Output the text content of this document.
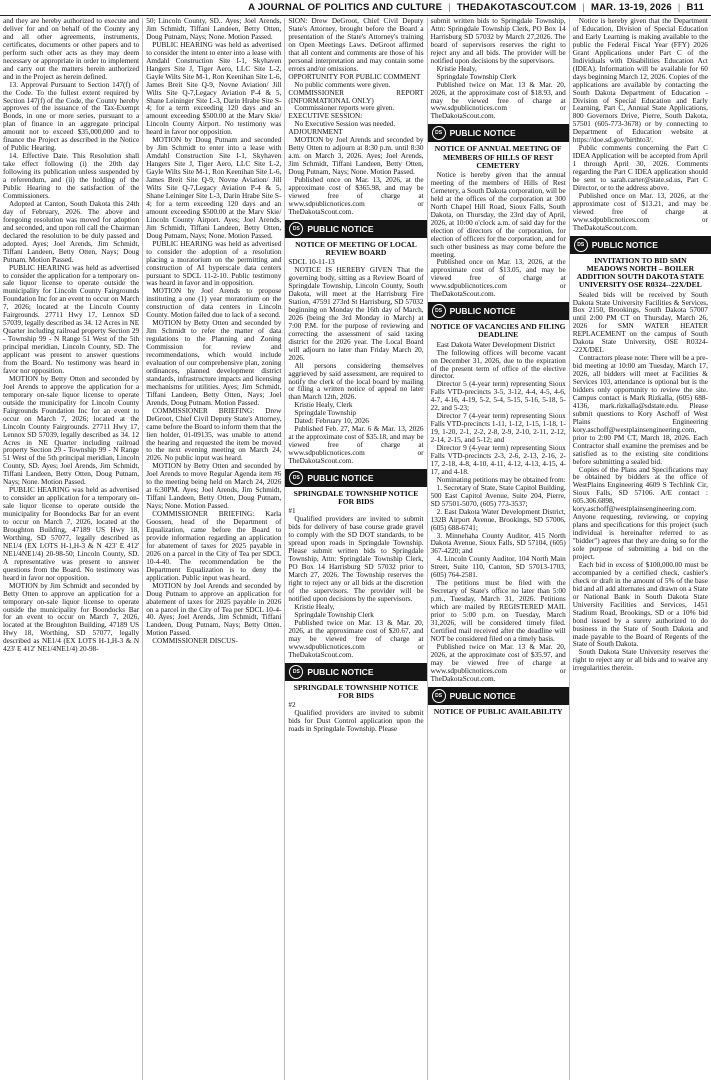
A JOURNAL OF POLITICS AND CULTURE | THEDAKOTASCOUT.COM | MAR. 13-19, 2026 | B11

and they are hereby authorized to execute and deliver for and on behalf of the County any and all other agreements, instruments, certificates, documents or other papers and to perform such other acts as they may deem necessary or appropriate in order to implement and carry out the matters herein authorized and in the Project as herein defined.

13. Approval Pursuant to Section 147(f) of the Code. To the fullest extent required by Section 147(f) of the Code, the County hereby approves of the issuance of the Tax-Exempt Bonds, in one or more series, pursuant to a plan of finance in an aggregate principal amount not to exceed $35,000,000 and to finance the Project as described in the Notice of Public Hearing.

14. Effective Date. This Resolution shall take effect following (i) the 20th day following its publication unless suspended by a referendum, and (ii) the holding of the Public Hearing to the satisfaction of the Commissioners.

Adopted at Canton, South Dakota this 24th day of February, 2026. The above and foregoing resolution was moved for adoption and seconded, and upon roll call the Chairman declared the resolution to be duly passed and adopted. Ayes; Joel Arends, Jim Schmidt, Tiffani Landeen, Betty Otten, Nays; Doug Putnam. Motion Passed.

PUBLIC HEARING was held as advertised to consider the application for a temporary on-sale liquor license to operate outside the municipality for Lincoln County Fairgrounds Foundation Inc for an event to occur on March 7, 2026; located at the Lincoln County Fairgrounds. 27711 Hwy 17, Lennox SD 57039, legally described as 34. 12 Acres in NE Quarter including railroad property Section 29 - Township 99 - N Range 51 West of the 5th principal meridian, Lincoln County, SD. The applicant was present to answer questions from the Board. No testimony was heard in favor nor opposition.

MOTION by Betty Otten and seconded by Joel Arends to approve the application for a temporary on-sale liquor license to operate outside the municipality for Lincoln County Fairgrounds Foundation Inc for an event to occur on March 7, 2026; located at the Lincoln County Fairgrounds. 27711 Hwy 17, Lennox SD 57039, legally described as 34. 12 Acres in NE Quarter including railroad property Section 29 - Township 99 - N Range 51 West of the 5th principal meridian, Lincoln County, SD. Ayes; Joel Arends, Jim Schmidt, Tiffani Landeen, Betty Otten, Doug Putnam, Nays; None. Motion Passed.

PUBLIC HEARING was held as advertised to consider an application for a temporary on-sale liquor license to operate outside the municipality for Boondocks Bar for an event to occur on March 7, 2026, located at the Broughton Building, 47189 US Hwy 18, Worthing, SD 57077, legally described as NE1/4 (EX LOTS H-1,H-3 & N 423' E 412' NE1/4NE1/4) 20-98-50; Lincoln County, SD. A representative was present to answer questions from the Board. No testimony was heard in favor nor opposition.

MOTION by Jim Schmidt and seconded by Betty Otten to approve an application for a temporary on-sale liquor license to operate outside the municipality for Boondocks Bar for an event to occur on March 7, 2026, located at the Broughton Building, 47189 US Hwy 18, Worthing, SD 57077, legally described as NE1/4 (EX LOTS H-1,H-3 & N 423' E 412' NE1/4NE1/4) 20-98-

50; Lincoln County, SD.. Ayes; Joel Arends, Jim Schmidt, Tiffani Landeen, Betty Otten, Doug Putnam, Nays; None. Motion Passed.

PUBLIC HEARING was held as advertised to consider the intent to enter into a lease with Amdahl Construction Site I-1, Skyhaven Hangers Site J, Tiger Aero, LLC Site L-2, Gayle Wilts Site M-1, Ron Keenihan Site L-6, James Breit Site Q-9, Novne Aviation/ Jill Wilts Site Q-7,Legacy Aviation P-4 & 5, Shane Leininger Site L-3, Darin Hrabe Site S-4; for a term exceeding 120 days and an amount exceeding $500.00 at the Marv Skie/ Lincoln County Airport. No testimony was heard in favor nor opposition.

MOTION by Doug Putnam and seconded by Jim Schmidt to enter into a lease with Amdahl Construction Site I-1, Skyhaven Hangers Site J, Tiger Aero, LLC Site L-2, Gayle Wilts Site M-1, Ron Keenihan Site L-6, James Breit Site Q-9, Novne Aviation/ Jill Wilts Site Q-7,Legacy Aviation P-4 & 5, Shane Leininger Site L-3, Darin Hrabe Site S-4; for a term exceeding 120 days and an amount exceeding $500.00 at the Marv Skie/ Lincoln County Airport. Ayes; Joel Arends, Jim Schmidt, Tiffani Landeen, Betty Otten, Doug Putnam, Nays; None. Motion Passed.

PUBLIC HEARING was held as advertised to consider the adoption of a resolution placing a moratorium on the permitting and construction of AI hyperscale data centers pursuant to SDCL 11-2-10. Public testimony was heard in favor and in opposition.

MOTION by Joel Arends to propose instituting a one (1) year moratorium on the construction of data centers in Lincoln County. Motion failed due to lack of a second.

MOTION by Betty Otten and seconded by Jim Schmidt to refer the matter of data regulations to the Planning and Zoning Commission for review and recommendations, which would include evaluation of our comprehensive plan, zoning ordinances, planned development district standards, infrastructure impacts and licensing mechanisms for utilities. Ayes; Jim Schmidt, Tiffani Landeen, Betty Otten, Nays; Joel Arends, Doug Putnam. Motion Passed.

COMMISSIONER BRIEFING: Drew DeGroot, Chief Civil Deputy State's Attorney, came before the Board to inform them that the lien holder, 01-09135, was unable to attend the hearing and requested the item be moved to the next evening meeting on March 24, 2026. No public input was heard.

MOTION by Betty Otten and seconded by Joel Arends to move Regular Agenda item #6 to the meeting being held on March 24, 2026 at 6:30PM. Ayes; Joel Arends, Jim Schmidt, Tiffani Landeen, Betty Otten, Doug Putnam, Nays; None. Motion Passed.

COMMISSIONER BRIEFING: Karla Goossen, head of the Department of Equalization, came before the Board to provide information regarding an application for abatement of taxes for 2025 payable in 2026 on a parcel in the City of Tea per SDCL 10-4-40. The recommendation be the Department Equalization is to deny the application. Public input was heard.

MOTION by Joel Arends and seconded by Doug Putnam to approve an application for abatement of taxes for 2025 payable in 2026 on a parcel in the City of Tea per SDCL 10-4-40. Ayes; Joel Arends, Jim Schmidt, Tiffani Landeen, Doug Putnam, Nays; Betty Otten. Motion Passed.

COMMISSIONER DISCUS-

SION: Drew DeGroot, Chief Civil Deputy State's Attorney, brought before the Board a presentation of the State's Attorney's training on Open Meetings Laws. DeGroot affirmed that all content and comments are those of his personal interpretation and may contain some errors and/or omissions.

OPPORTUNITY FOR PUBLIC COMMENT

No public comments were given.

COMMISSIONER REPORT (INFORMATIONAL ONLY)

Commissioner reports were given.

EXECUTIVE SESSION:

No Executive Session was needed.

ADJOURNMENT

MOTION by Joel Arends and seconded by Betty Otten to adjourn at 8:30 p.m. until 8:30 a.m. on March 3, 2026. Ayes; Joel Arends, Jim Schmidt, Tiffani Landeen, Betty Otten, Doug Putnam, Nays; None. Motion Passed.

Published once on Mar. 13, 2026, at the approximate cost of $365.98, and may be viewed free of charge at www.sdpublicnotices.com or TheDakotaScout.com.

DS PUBLIC NOTICE
NOTICE OF MEETING OF LOCAL REVIEW BOARD

SDCL 10-11-13

NOTICE IS HEREBY GIVEN That the governing body, sitting as a Review Board of Springdale Township, Lincoln County, South Dakota, will meet at the Harrisburg Fire Station, 47591 273rd St Harrisburg, SD 57032 beginning on Monday the 16th day of March, 2026 (being the 3rd Monday in March) at 7:00 P.M. for the purpose of reviewing and correcting the assessment of said taxing district for the 2026 year. The Local Board will adjourn no later than Friday March 20, 2026.

All persons considering themselves aggrieved by said assessment, are required to notify the clerk of the local board by mailing or filing a written notice of appeal no later than March 12th, 2026.

Kristie Healy, Clerk

Springdale Township

Dated: February 10, 2026

Published Feb. 27, Mar. 6 & Mar. 13, 2026 at the approximate cost of $35.18, and may be viewed free of charge at www.sdpublicnotices.com or TheDakotaScout.com.

DS PUBLIC NOTICE
SPRINGDALE TOWNSHIP NOTICE FOR BIDS

#1

Qualified providers are invited to submit bids for delivery of base course grade gravel to comply with the SD DOT standards, to be spread upon roads in Springdale Township. Please submit written bids to Springdale Township, Attn: Springdale Township Clerk, PO Box 14 Harrisburg SD 57032 prior to March 27, 2026. The Township reserves the right to reject any or all bids at the discretion of the supervisors. The provider will be notified upon decisions by the supervisors.

Kristie Healy,

Springdale Township Clerk

Published twice on Mar. 13 & Mar. 20, 2026, at the approximate cost of $20.67, and may be viewed free of charge at www.sdpublicnotices.com or TheDakotaScout.com.

DS PUBLIC NOTICE
SPRINGDALE TOWNSHIP NOTICE FOR BIDS

#2

Qualified providers are invited to submit bids for Dust Control application upon the roads in Springdale Township. Please

submit written bids to Springdale Township, Attn: Springdale Township Clerk, PO Box 14 Harrisburg SD 57032 by March 27,2026. The board of supervisors reserves the right to reject any and all bids. The provider will be notified upon decisions by the supervisors.

Kristie Healy,

Springdale Township Clerk

Published twice on Mar. 13 & Mar. 20, 2026, at the approximate cost of $18.93, and may be viewed free of charge at www.sdpublicnotices.com or TheDakotaScout.com.

DS PUBLIC NOTICE
NOTICE OF ANNUAL MEETING OF MEMBERS OF HILLS OF REST CEMETERY

Notice is hereby given that the annual meeting of the members of Hills of Rest Cemetery, a South Dakota corporation, will be held at the offices of the corporation at 300 North Chapel Hill Road, Sioux Falls, South Dakota, on Thursday, the 23rd day of April, 2026, at 10:00 o'clock a.m. of said day for the election of directors of the corporation, for election of officers for the corporation, and for such other business as may come before the meeting.

Published once on Mar. 13, 2026, at the approximate cost of $13.05, and may be viewed free of charge at www.sdpublicnotices.com or TheDakotaScout.com.

DS PUBLIC NOTICE
NOTICE OF VACANCIES AND FILING DEADLINE

East Dakota Water Development District

The following offices will become vacant on December 31, 2026, due to the expiration of the present term of office of the elective director.

Director 5 (4-year term) representing Sioux Falls VTD-precincts 3-5, 3-12, 4-4, 4-5, 4-6, 4-7, 4-16, 4-19, 5-2, 5-4, 5-15, 5-16, 5-18, 5-22, and 5-23;

Director 7 (4-year term) representing Sioux Falls VTD-precincts 1-11, 1-12, 1-15, 1-18, 1-19, 1-20, 2-1, 2-2, 2-8, 2-9, 2-10, 2-11, 2-12, 2-14, 2-15, and 5-12; and

Director 9 (4-year term) representing Sioux Falls VTD-precincts 2-3, 2-6, 2-13, 2-16, 2-17, 2-18, 4-8, 4-10, 4-11, 4-12, 4-13, 4-15, 4-17, and 4-18.

Nominating petitions may be obtained from:

1. Secretary of State, State Capitol Building, 500 East Capitol Avenue, Suite 204, Pierre, SD 57501-5070, (605) 773-3537;

2. East Dakota Water Development District, 132B Airport Avenue, Brookings, SD 57006, (605) 688-6741;

3. Minnehaha County Auditor, 415 North Dakota Avenue, Sioux Falls, SD 57104, (605) 367-4220; and

4. Lincoln County Auditor, 104 North Main Street, Suite 110, Canton, SD 57013-1703, (605) 764-2581.

The petitions must be filed with the Secretary of State's office no later than 5:00 p.m., Tuesday, March 31, 2026. Petitions which are mailed by REGISTERED MAIL prior to 5:00 p.m. on Tuesday, March 31,2026, will be considered timely filed. Certified mail received after the deadline will NOT be considered filed on a timely basis.

Published twice on Mar. 13 & Mar. 20, 2026, at the approximate cost of $35.97, and may be viewed free of charge at www.sdpublicnotices.com or TheDakotaScout.com.

DS PUBLIC NOTICE
NOTICE OF PUBLIC AVAILABILITY

Notice is hereby given that the Department of Education, Division of Special Education and Early Learning is making available to the public the Federal Fiscal Year (FFY) 2026 Grant Applications under Part C of the Individuals with Disabilities Education Act (IDEA). Information will be available for 60 days beginning March 12, 2026. Copies of the applications are available by contacting the South Dakota Department of Education - Division of Special Education and Early Learning, Part C, Annual State Applications, 800 Governors Drive, Pierre, South Dakota, 57501 (605-773-3678) or by connecting to Department of Education website at https://doe.sd.gov/birthto3/.

Public comments concerning the Part C IDEA Application will be accepted from April 1 through April 30, 2026. Comments regarding the Part C IDEA application should be sent to sarah.carter@state.sd.us, Part C Director, or to the address above.

Published once on Mar. 13, 2026, at the approximate cost of $13.21, and may be viewed free of charge at www.sdpublicnotices.com or TheDakotaScout.com.

DS PUBLIC NOTICE
INVITATION TO BID SMN MEADOWS NORTH – BOILER ADDITION SOUTH DAKOTA STATE UNIVERSITY OSE R0324--22X/DEL

Sealed bids will be received by South Dakota State University Facilities & Services, Box 2150, Brookings, South Dakota 57007 until 2:00 PM CT on Thursday, March 26, 2026 for SMN WATER HEATER REPLACEMENT on the campus of South Dakota State University, OSE R0324--22X/DEL

Contractors please note: There will be a pre-bid meeting at 10:00 am Tuesday, March 17, 2026, all bidders will meet at Facilities & Services 103, attendance is optional but is the bidders only opportunity to review the site. Campus contact is Mark Rizkalla, (605) 688-4136, mark.rizkalla@sdstate.edu. Please submit questions to Kory Aschoff of West Plains Engineering kory.aschoff@westplainsengineering.com, prior to 2:00 PM CT, March 18, 2026. Each Contractor shall examine the premises and be satisfied as to the existing site conditions before submitting a sealed bid.

Copies of the Plans and Specifications may be obtained by bidders at the office of WestPlains Engineering 4609 S Techlink Cir, Sioux Falls, SD 57106. A/E contact : 605.306.6898, kory.aschoff@westplainsengineering.com. Anyone requesting, reviewing, or copying plans and specifications for this project (such individual is hereinafter referred to as "bidder") agrees that they are doing so for the sole purpose of submitting a bid on the project.

Each bid in excess of $100,000.00 must be accompanied by a certified check, cashier's check or draft in the amount of 5% of the base bid and all add alternates and drawn on a State or National Bank in South Dakota State University Facilities and Services, 1451 Stadium Road, Brookings, SD or a 10% bid bond issued by a surety authorized to do business in the State of South Dakota and made payable to the Board of Regents of the State of South Dakota.

South Dakota State University reserves the right to reject any or all bids and to waive any irregularities therein.
